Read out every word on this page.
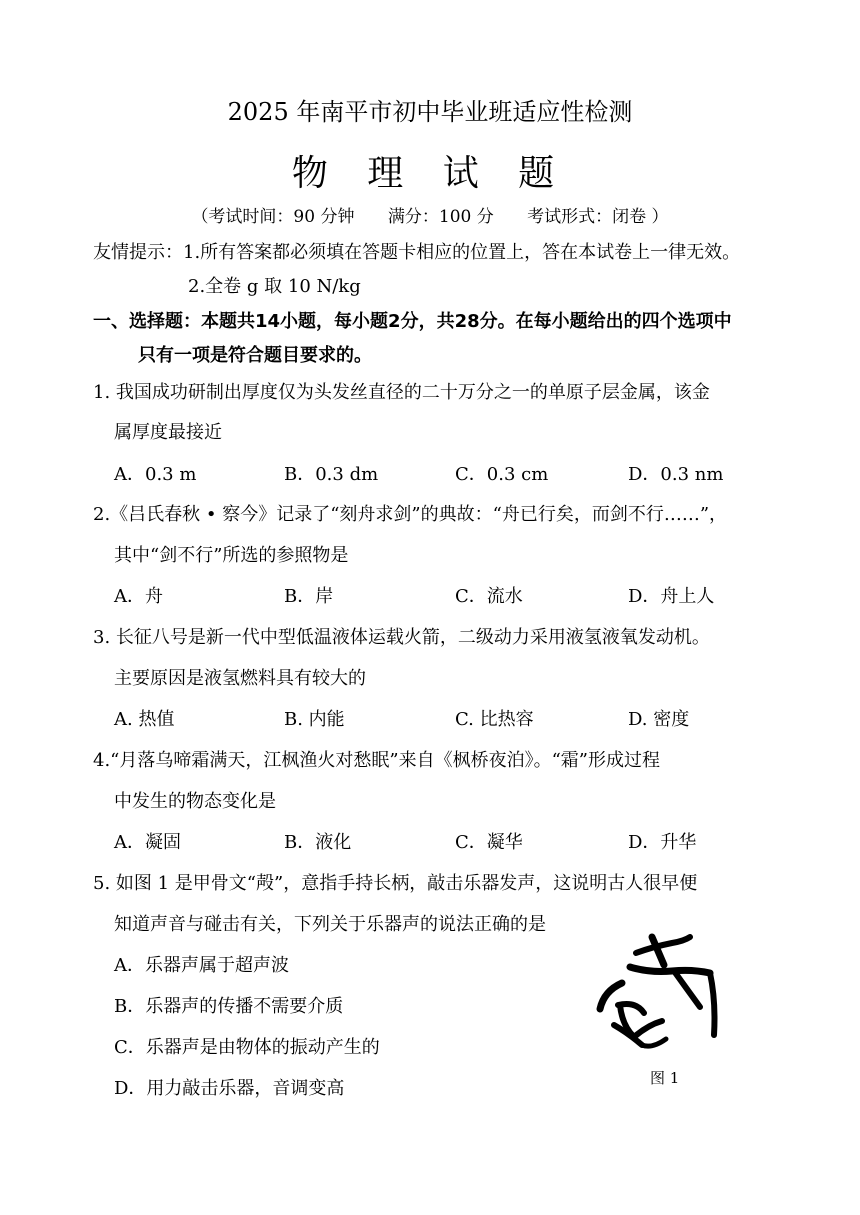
2025 年南平市初中毕业班适应性检测
物 理 试 题
（考试时间：90 分钟 满分：100 分 考试形式：闭卷 ）
友情提示：1.所有答案都必须填在答题卡相应的位置上，答在本试卷上一律无效。
2.全卷 g 取 10 N/kg
一、选择题：本题共14小题，每小题2分，共28分。在每小题给出的四个选项中
只有一项是符合题目要求的。
1. 我国成功研制出厚度仅为头发丝直径的二十万分之一的单原子层金属，该金
属厚度最接近
A．0.3 m	B．0.3 dm	C．0.3 cm	D．0.3 nm
2.《吕氏春秋 • 察今》记录了“刻舟求剑”的典故：“舟已行矣，而剑不行……”，
其中“剑不行”所选的参照物是
A．舟	B．岸	C．流水	D．舟上人
3. 长征八号是新一代中型低温液体运载火箭，二级动力采用液氢液氧发动机。
主要原因是液氢燃料具有较大的
A. 热值	B. 内能	C. 比热容	D. 密度
4.“月落乌啼霜满天，江枫渔火对愁眠”来自《枫桥夜泊》。“霜”形成过程
中发生的物态变化是
A．凝固	B．液化	C．凝华	D．升华
5. 如图 1 是甲骨文“殸”，意指手持长柄，敲击乐器发声，这说明古人很早便
知道声音与碰击有关，下列关于乐器声的说法正确的是
A．乐器声属于超声波
B．乐器声的传播不需要介质
C．乐器声是由物体的振动产生的
D．用力敲击乐器，音调变高	图 1
